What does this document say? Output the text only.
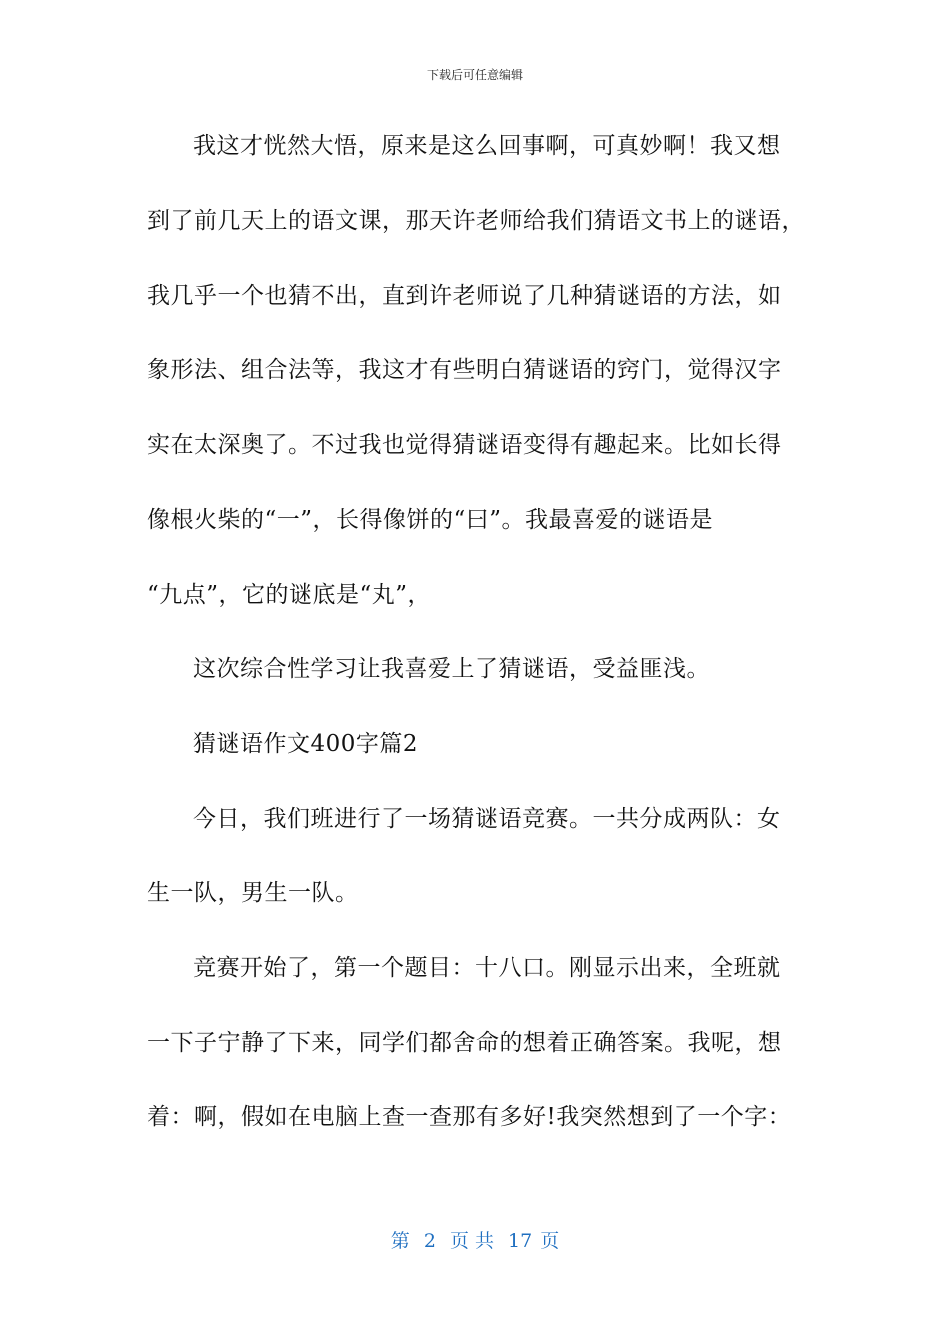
下载后可任意编辑
我这才恍然大悟，原来是这么回事啊，可真妙啊！我又想
到了前几天上的语文课，那天许老师给我们猜语文书上的谜语，
我几乎一个也猜不出，直到许老师说了几种猜谜语的方法，如
象形法、组合法等，我这才有些明白猜谜语的窍门，觉得汉字
实在太深奥了。不过我也觉得猜谜语变得有趣起来。比如长得
像根火柴的“一”，长得像饼的“曰”。我最喜爱的谜语是
“九点”，它的谜底是“丸”，
这次综合性学习让我喜爱上了猜谜语，受益匪浅。
猜谜语作文400字篇2
今日，我们班进行了一场猜谜语竞赛。一共分成两队：女
生一队，男生一队。
竞赛开始了，第一个题目：十八口。刚显示出来，全班就
一下子宁静了下来，同学们都舍命的想着正确答案。我呢，想
着：啊，假如在电脑上查一查那有多好!我突然想到了一个字：
第 2 页 共 17 页
